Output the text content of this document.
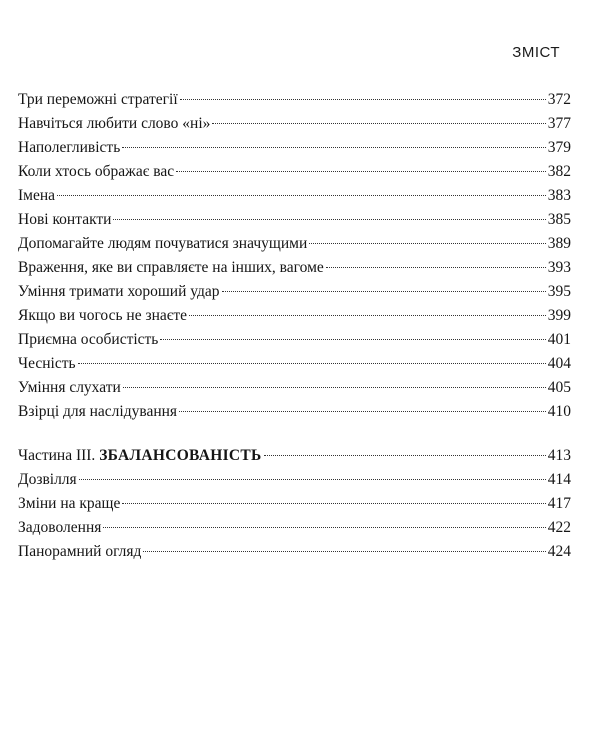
ЗМІСТ
Три переможні стратегії	372
Навчіться любити слово «ні»	377
Наполегливість	379
Коли хтось ображає вас	382
Імена	383
Нові контакти	385
Допомагайте людям почуватися значущими	389
Враження, яке ви справляєте на інших, вагоме	393
Уміння тримати хороший удар	395
Якщо ви чогось не знаєте	399
Приємна особистість	401
Чесність	404
Уміння слухати	405
Взірці для наслідування	410
Частина III. ЗБАЛАНСОВАНІСТЬ	413
Дозвілля	414
Зміни на краще	417
Задоволення	422
Панорамний огляд	424
